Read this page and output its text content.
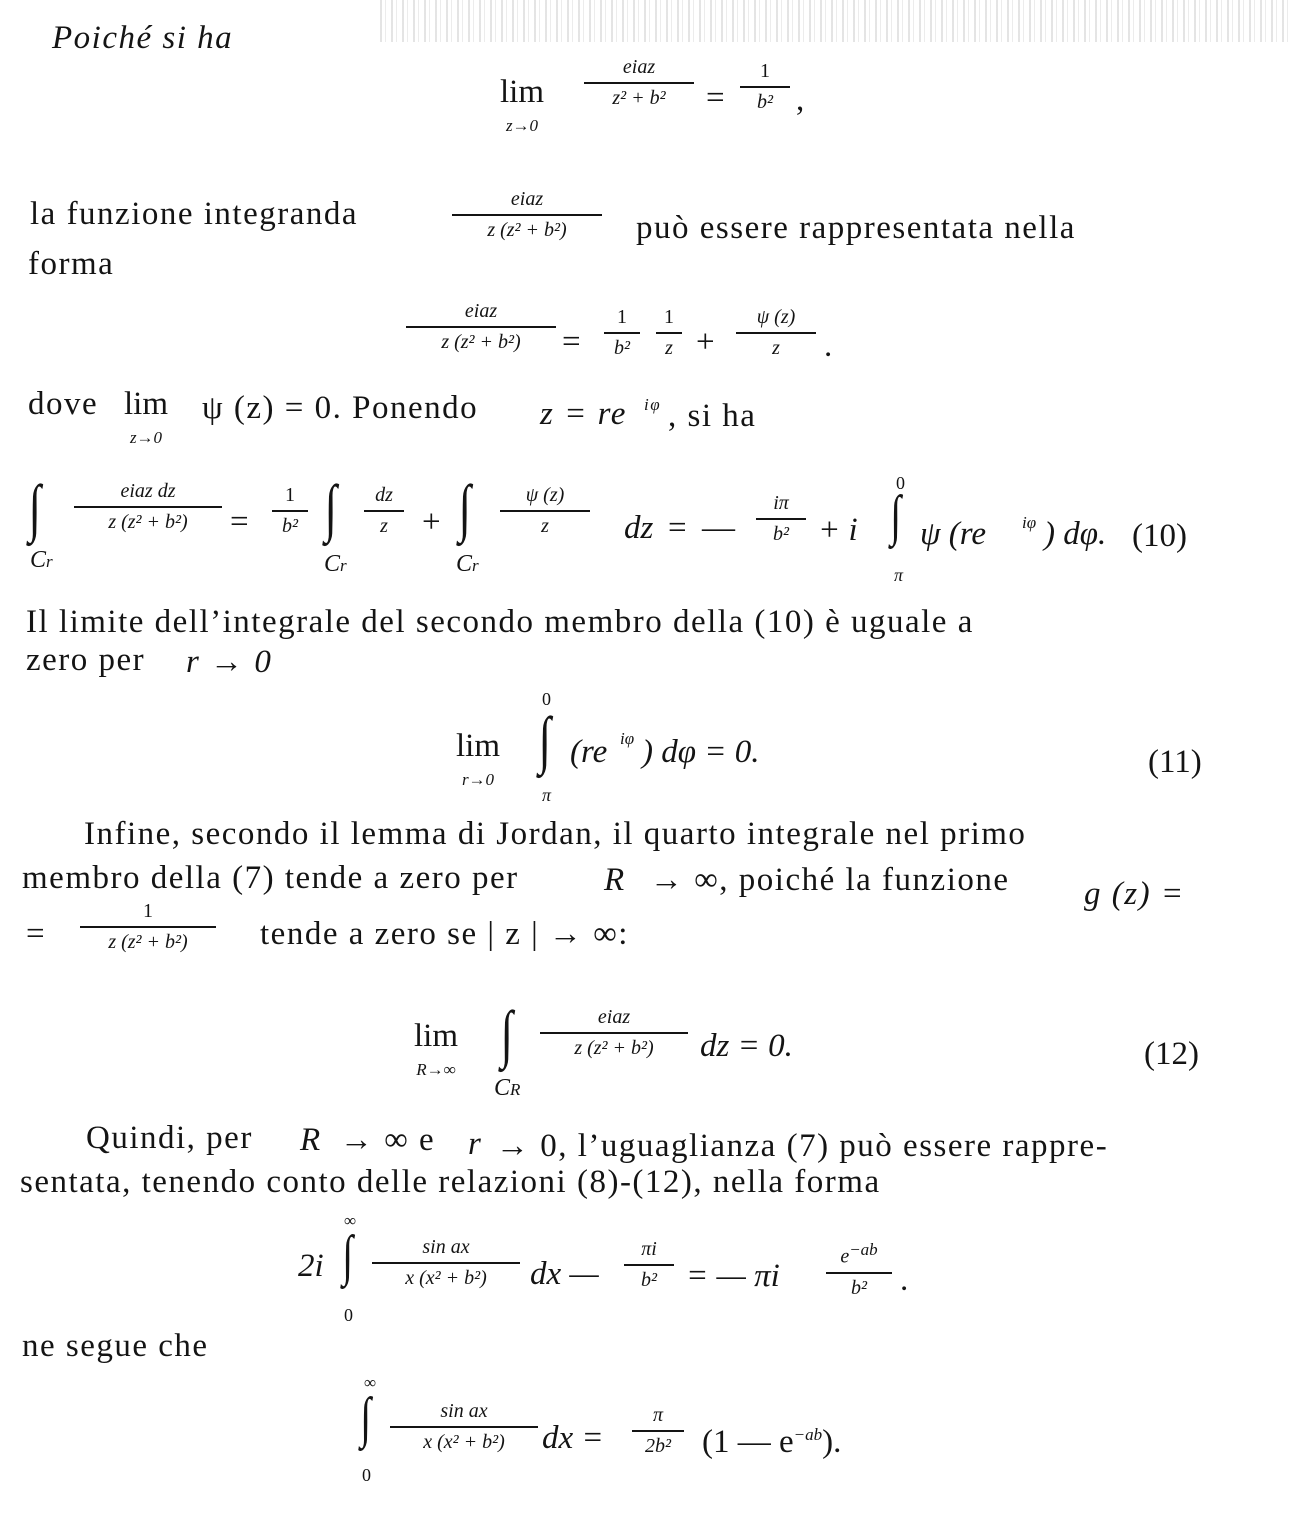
Poiché si ha
lim
z→0
eiaz
z² + b²	=
1
b² ,
la funzione integranda	eiaz
z (z² + b²)	può essere rappresentata nella
forma
eiaz
z (z² + b²)	=
1
b²
1
z +
ψ (z)
z	.
dove lim
z→0
ψ (z) = 0. Ponendo z = re iφ , si ha
∫
Cr
eiaz dz
z (z² + b²)	=
1
b² ∫
Cr
dz
z	+ ∫
Cr
ψ (z)
z	dz = —
iπ
b² + i
0
∫
π
ψ (re iφ ) dφ. (10)
Il limite dell’integrale del secondo membro della (10) è uguale a
zero per r → 0
lim
r→0
0
∫
π
(re iφ ) dφ = 0.	(11)
Infine, secondo il lemma di Jordan, il quarto integrale nel primo
membro della (7) tende a zero per	R → ∞, poiché la funzione g (z) =
=
1
z (z² + b²)	tende a zero se | z | → ∞:
lim
R→∞
∫
CR
eiaz
z (z² + b²)	dz = 0.	(12)
Quindi, per R → ∞ e r → 0, l’uguaglianza (7) può essere rappre-
sentata, tenendo conto delle relazioni (8)-(12), nella forma
2i
∞
∫
0
sin ax
x (x² + b²)	dx —
πi
b² = — πi
$e^{-ab}$
b²	.
ne segue che
∞
∫
0
sin ax
x (x² + b²)	dx =
π
2b² (1 — $e^{-ab}$).
